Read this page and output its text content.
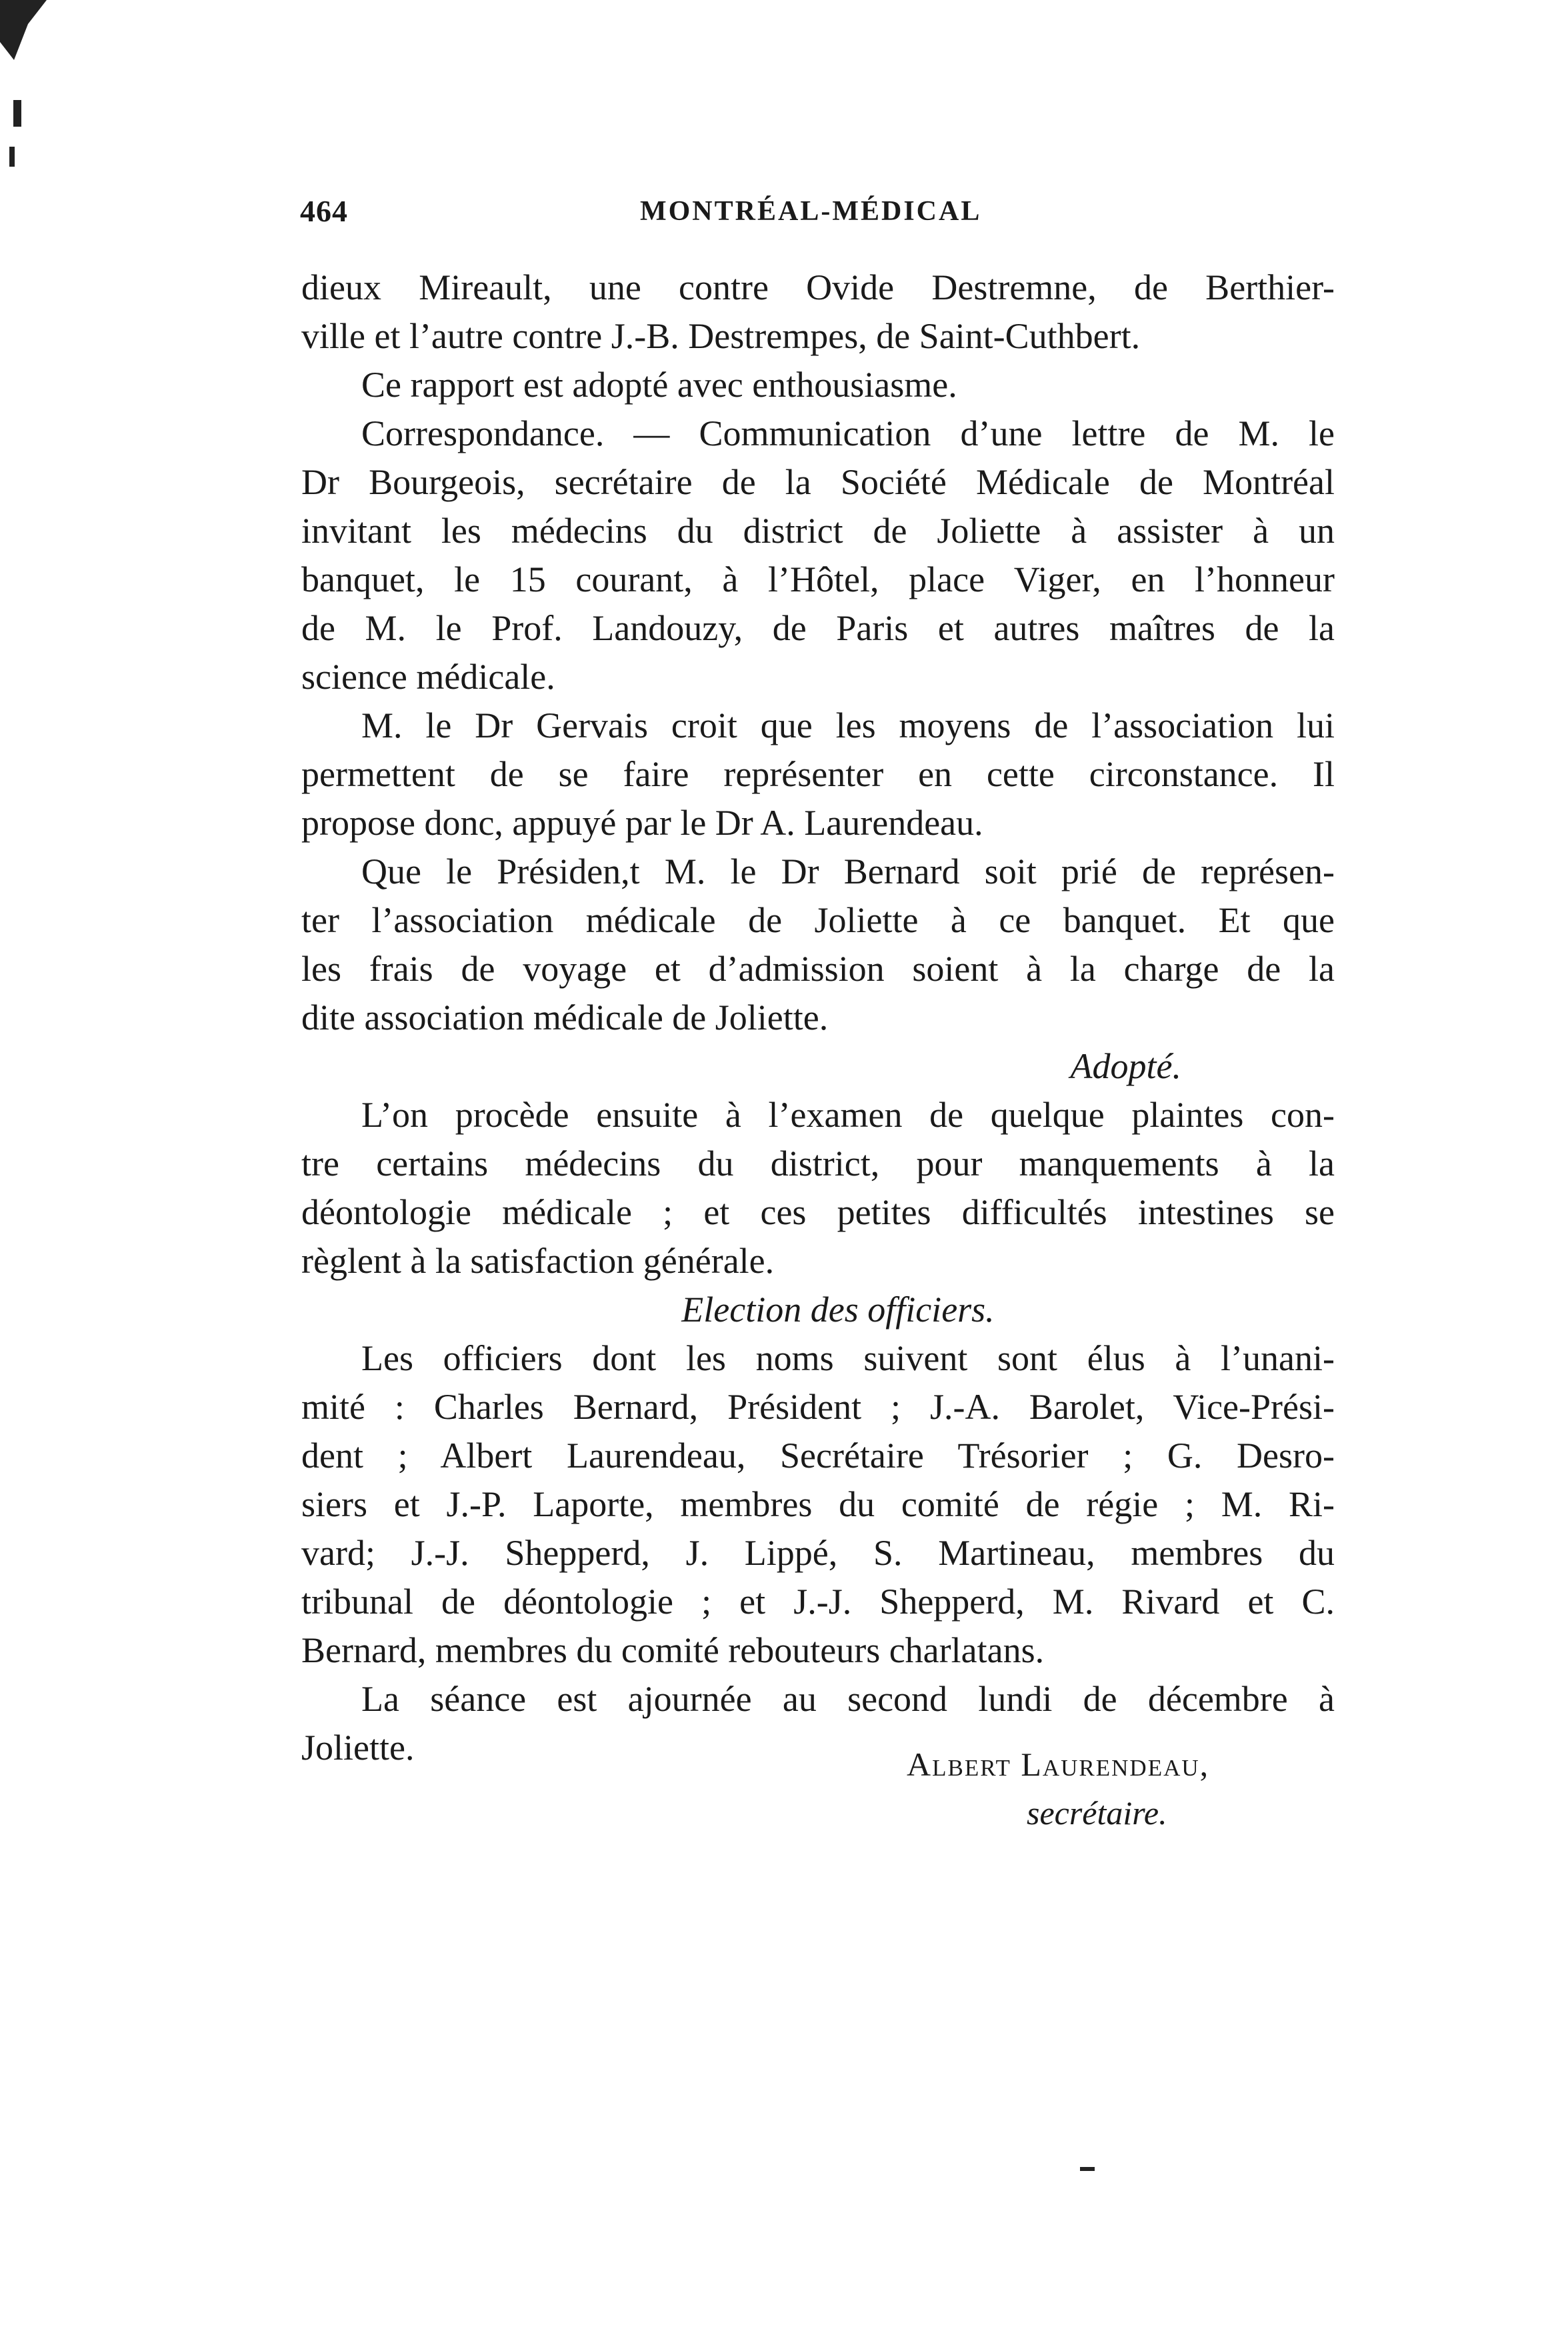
464	MONTRÉAL-MÉDICAL

dieux Mireault, une contre Ovide Destremne, de Berthier-
ville et l’autre contre J.-B. Destrempes, de Saint-Cuthbert.

Ce rapport est adopté avec enthousiasme.

Correspondance. — Communication d’une lettre de M. le
Dr Bourgeois, secrétaire de la Société Médicale de Montréal
invitant les médecins du district de Joliette à assister à un
banquet, le 15 courant, à l’Hôtel, place Viger, en l’honneur
de M. le Prof. Landouzy, de Paris et autres maîtres de la
science médicale.

M. le Dr Gervais croit que les moyens de l’association lui
permettent de se faire représenter en cette circonstance. Il
propose donc, appuyé par le Dr A. Laurendeau.

Que le Présiden,t M. le Dr Bernard soit prié de représen-
ter l’association médicale de Joliette à ce banquet. Et que
les frais de voyage et d’admission soient à la charge de la
dite association médicale de Joliette.

Adopté.

L’on procède ensuite à l’examen de quelque plaintes con-
tre certains médecins du district, pour manquements à la
déontologie médicale ; et ces petites difficultés intestines se
règlent à la satisfaction générale.

Election des officiers.

Les officiers dont les noms suivent sont élus à l’unani-
mité : Charles Bernard, Président ; J.-A. Barolet, Vice-Prési-
dent ; Albert Laurendeau, Secrétaire Trésorier ; G. Desro-
siers et J.-P. Laporte, membres du comité de régie ; M. Ri-
vard; J.-J. Shepperd, J. Lippé, S. Martineau, membres du
tribunal de déontologie ; et J.-J. Shepperd, M. Rivard et C.
Bernard, membres du comité rebouteurs charlatans.

La séance est ajournée au second lundi de décembre à
Joliette.	Albert Laurendeau,
secrétaire.
